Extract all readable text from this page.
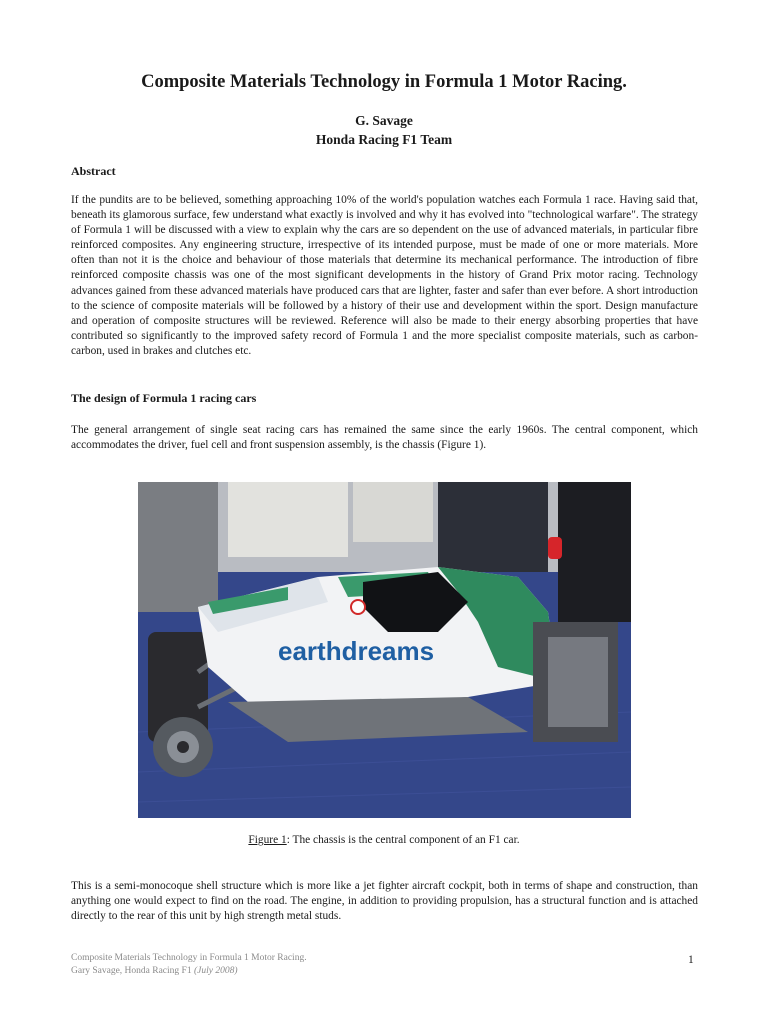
Composite Materials Technology in Formula 1 Motor Racing.
G. Savage
Honda Racing F1 Team
Abstract
If the pundits are to be believed, something approaching 10% of the world's population watches each Formula 1 race. Having said that, beneath its glamorous surface, few understand what exactly is involved and why it has evolved into "technological warfare". The strategy of Formula 1 will be discussed with a view to explain why the cars are so dependent on the use of advanced materials, in particular fibre reinforced composites. Any engineering structure, irrespective of its intended purpose, must be made of one or more materials. More often than not it is the choice and behaviour of those materials that determine its mechanical performance. The introduction of fibre reinforced composite chassis was one of the most significant developments in the history of Grand Prix motor racing. Technology advances gained from these advanced materials have produced cars that are lighter, faster and safer than ever before. A short introduction to the science of composite materials will be followed by a history of their use and development within the sport. Design manufacture and operation of composite structures will be reviewed. Reference will also be made to their energy absorbing properties that have contributed so significantly to the improved safety record of Formula 1 and the more specialist composite materials, such as carbon-carbon, used in brakes and clutches etc.
The design of Formula 1 racing cars
The general arrangement of single seat racing cars has remained the same since the early 1960s. The central component, which accommodates the driver, fuel cell and front suspension assembly, is the chassis (Figure 1).
earthdreams
Figure 1: The chassis is the central component of an F1 car.
This is a semi-monocoque shell structure which is more like a jet fighter aircraft cockpit, both in terms of shape and construction, than anything one would expect to find on the road. The engine, in addition to providing propulsion, has a structural function and is attached directly to the rear of this unit by high strength metal studs.
Composite Materials Technology in Formula 1 Motor Racing.
Gary Savage, Honda Racing F1 (July 2008)
1
